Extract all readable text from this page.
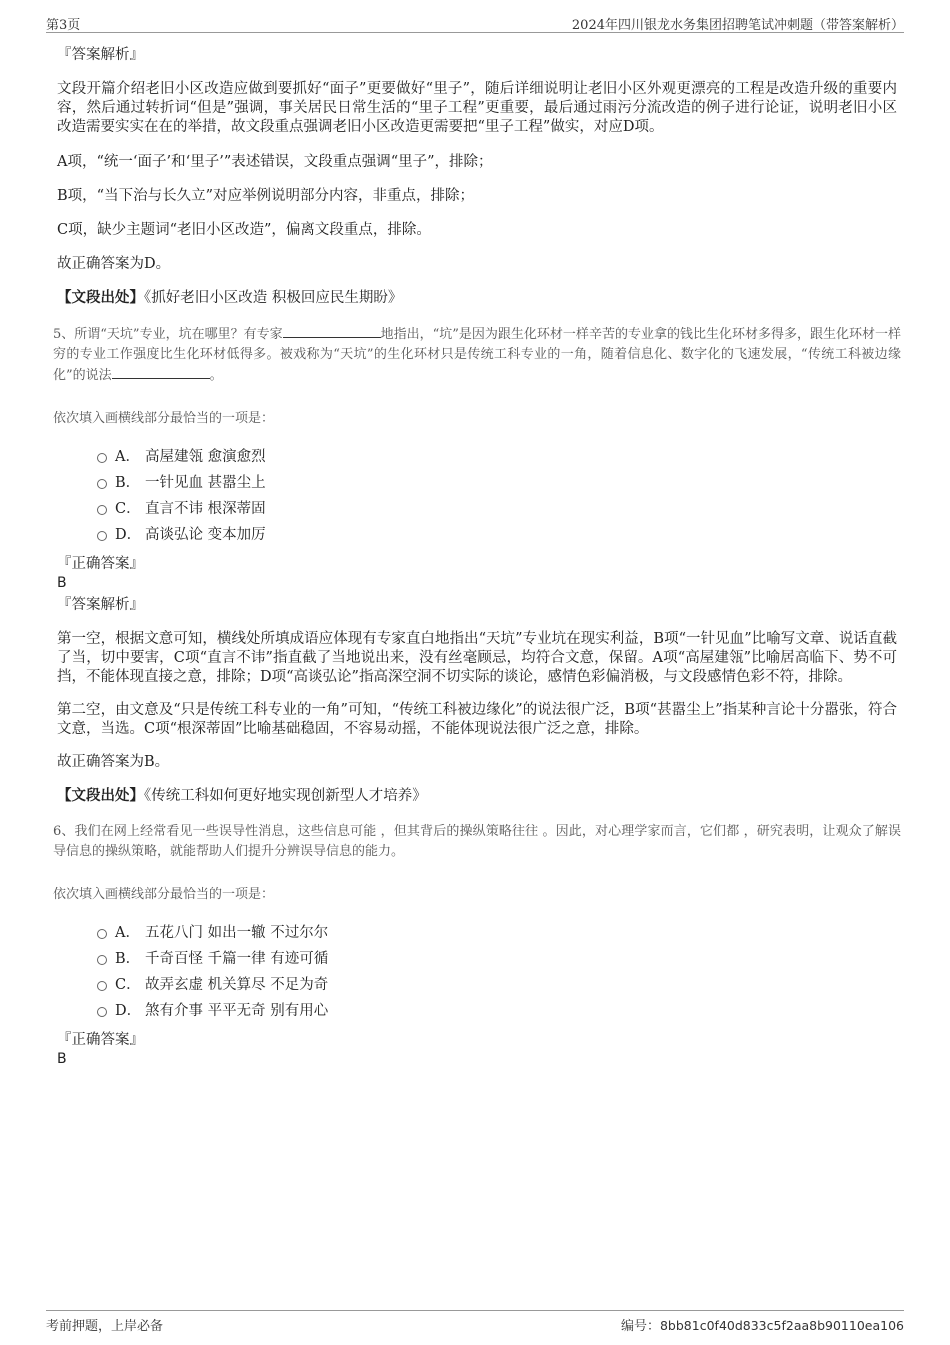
第3页	2024年四川银龙水务集团招聘笔试冲刺题（带答案解析）

『答案解析』

文段开篇介绍老旧小区改造应做到要抓好“面子”更要做好“里子”，随后详细说明让老旧小区外观更漂亮的工程是改造升级的重要内容，然后通过转折词“但是”强调，事关居民日常生活的“里子工程”更重要，最后通过雨污分流改造的例子进行论证，说明老旧小区改造需要实实在在的举措，故文段重点强调老旧小区改造更需要把“里子工程”做实，对应D项。

A项，“统一‘面子’和‘里子’”表述错误，文段重点强调“里子”，排除；

B项，“当下治与长久立”对应举例说明部分内容，非重点，排除；

C项，缺少主题词“老旧小区改造”，偏离文段重点，排除。

故正确答案为D。

【文段出处】《抓好老旧小区改造 积极回应民生期盼》

5、所谓“天坑”专业，坑在哪里？有专家	地指出，“坑”是因为跟生化环材一样辛苦的专业拿的钱比生化环材多得多，跟生化环材一样穷的专业工作强度比生化环材低得多。被戏称为“天坑”的生化环材只是传统工科专业的一角，随着信息化、数字化的飞速发展，“传统工科被边缘化”的说法	。

依次填入画横线部分最恰当的一项是：

A． 高屋建瓴 愈演愈烈
B． 一针见血 甚嚣尘上
C． 直言不讳 根深蒂固
D． 高谈弘论 变本加厉

『正确答案』

B

『答案解析』

第一空，根据文意可知，横线处所填成语应体现有专家直白地指出“天坑”专业坑在现实利益，B项“一针见血”比喻写文章、说话直截了当，切中要害，C项“直言不讳”指直截了当地说出来，没有丝毫顾忌，均符合文意，保留。A项“高屋建瓴”比喻居高临下、势不可挡，不能体现直接之意，排除；D项“高谈弘论”指高深空洞不切实际的谈论，感情色彩偏消极，与文段感情色彩不符，排除。

第二空，由文意及“只是传统工科专业的一角”可知，“传统工科被边缘化”的说法很广泛，B项“甚嚣尘上”指某种言论十分嚣张，符合文意，当选。C项“根深蒂固”比喻基础稳固，不容易动摇，不能体现说法很广泛之意，排除。

故正确答案为B。

【文段出处】《传统工科如何更好地实现创新型人才培养》

6、我们在网上经常看见一些误导性消息，这些信息可能 ，但其背后的操纵策略往往 。因此，对心理学家而言，它们都 ，研究表明，让观众了解误导信息的操纵策略，就能帮助人们提升分辨误导信息的能力。

依次填入画横线部分最恰当的一项是：

A． 五花八门 如出一辙 不过尔尔
B． 千奇百怪 千篇一律 有迹可循
C． 故弄玄虚 机关算尽 不足为奇
D． 煞有介事 平平无奇 别有用心

『正确答案』

B

考前押题，上岸必备	编号：8bb81c0f40d833c5f2aa8b90110ea106
